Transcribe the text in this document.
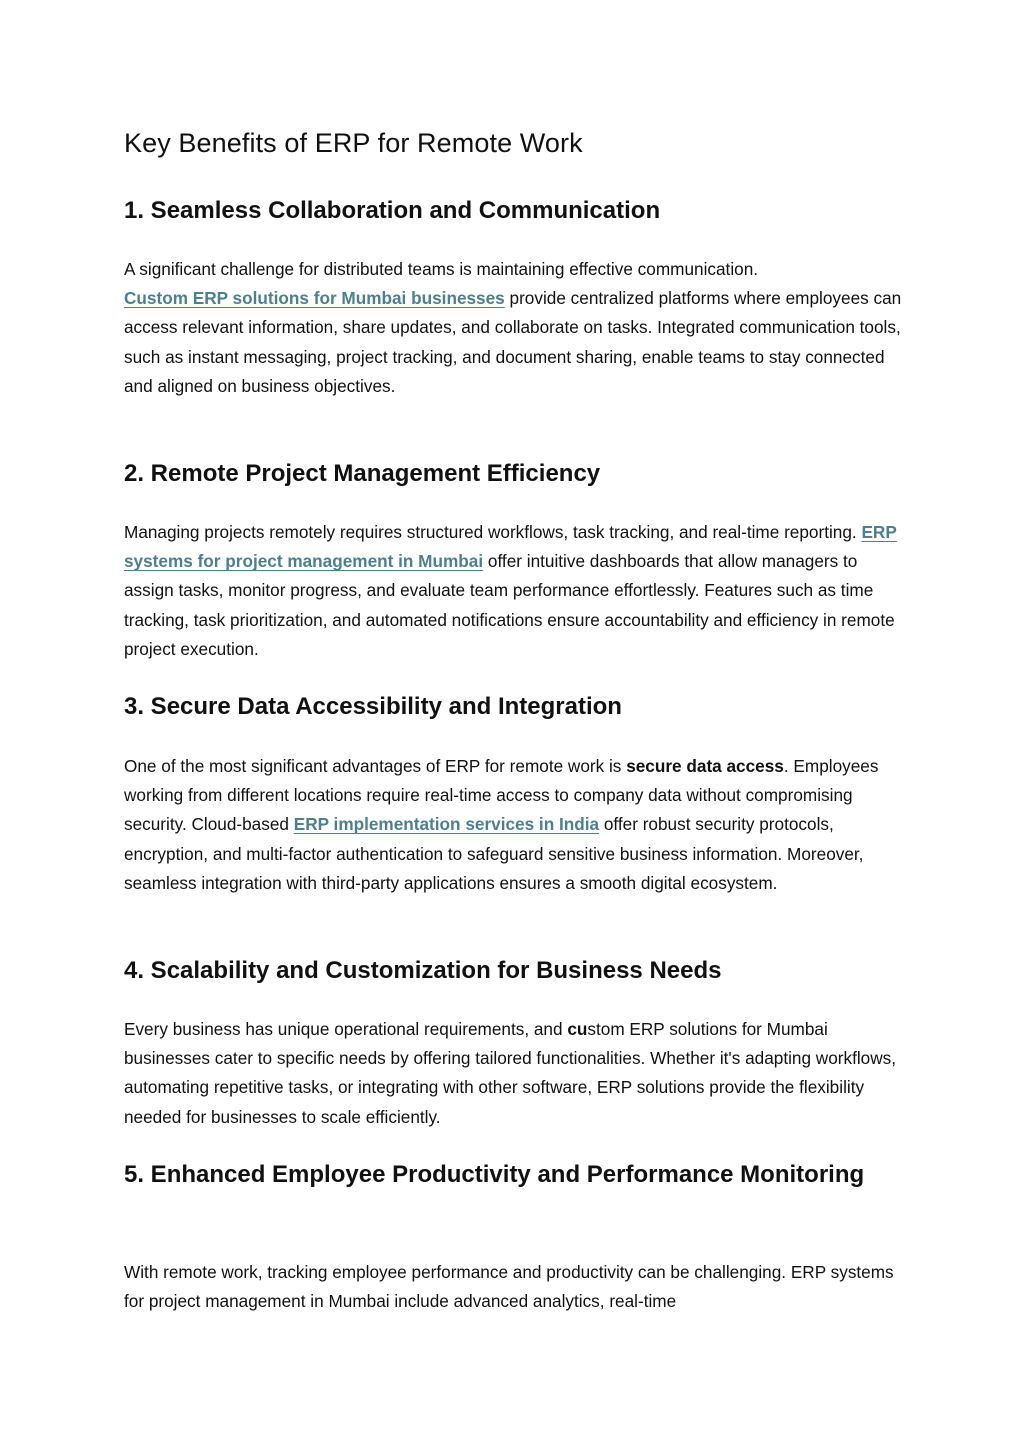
Key Benefits of ERP for Remote Work
1. Seamless Collaboration and Communication

A significant challenge for distributed teams is maintaining effective communication.
Custom ERP solutions for Mumbai businesses provide centralized platforms where employees can access relevant information, share updates, and collaborate on tasks. Integrated communication tools, such as instant messaging, project tracking, and document sharing, enable teams to stay connected and aligned on business objectives.

2. Remote Project Management Efficiency

Managing projects remotely requires structured workflows, task tracking, and real-time reporting. ERP systems for project management in Mumbai offer intuitive dashboards that allow managers to assign tasks, monitor progress, and evaluate team performance effortlessly. Features such as time tracking, task prioritization, and automated notifications ensure accountability and efficiency in remote project execution.

3. Secure Data Accessibility and Integration

One of the most significant advantages of ERP for remote work is secure data access. Employees working from different locations require real-time access to company data without compromising security. Cloud-based ERP implementation services in India offer robust security protocols, encryption, and multi-factor authentication to safeguard sensitive business information. Moreover, seamless integration with third-party applications ensures a smooth digital ecosystem.

4. Scalability and Customization for Business Needs

Every business has unique operational requirements, and custom ERP solutions for Mumbai businesses cater to specific needs by offering tailored functionalities. Whether it's adapting workflows, automating repetitive tasks, or integrating with other software, ERP solutions provide the flexibility needed for businesses to scale efficiently.

5. Enhanced Employee Productivity and Performance Monitoring

With remote work, tracking employee performance and productivity can be challenging. ERP systems for project management in Mumbai include advanced analytics, real-time
